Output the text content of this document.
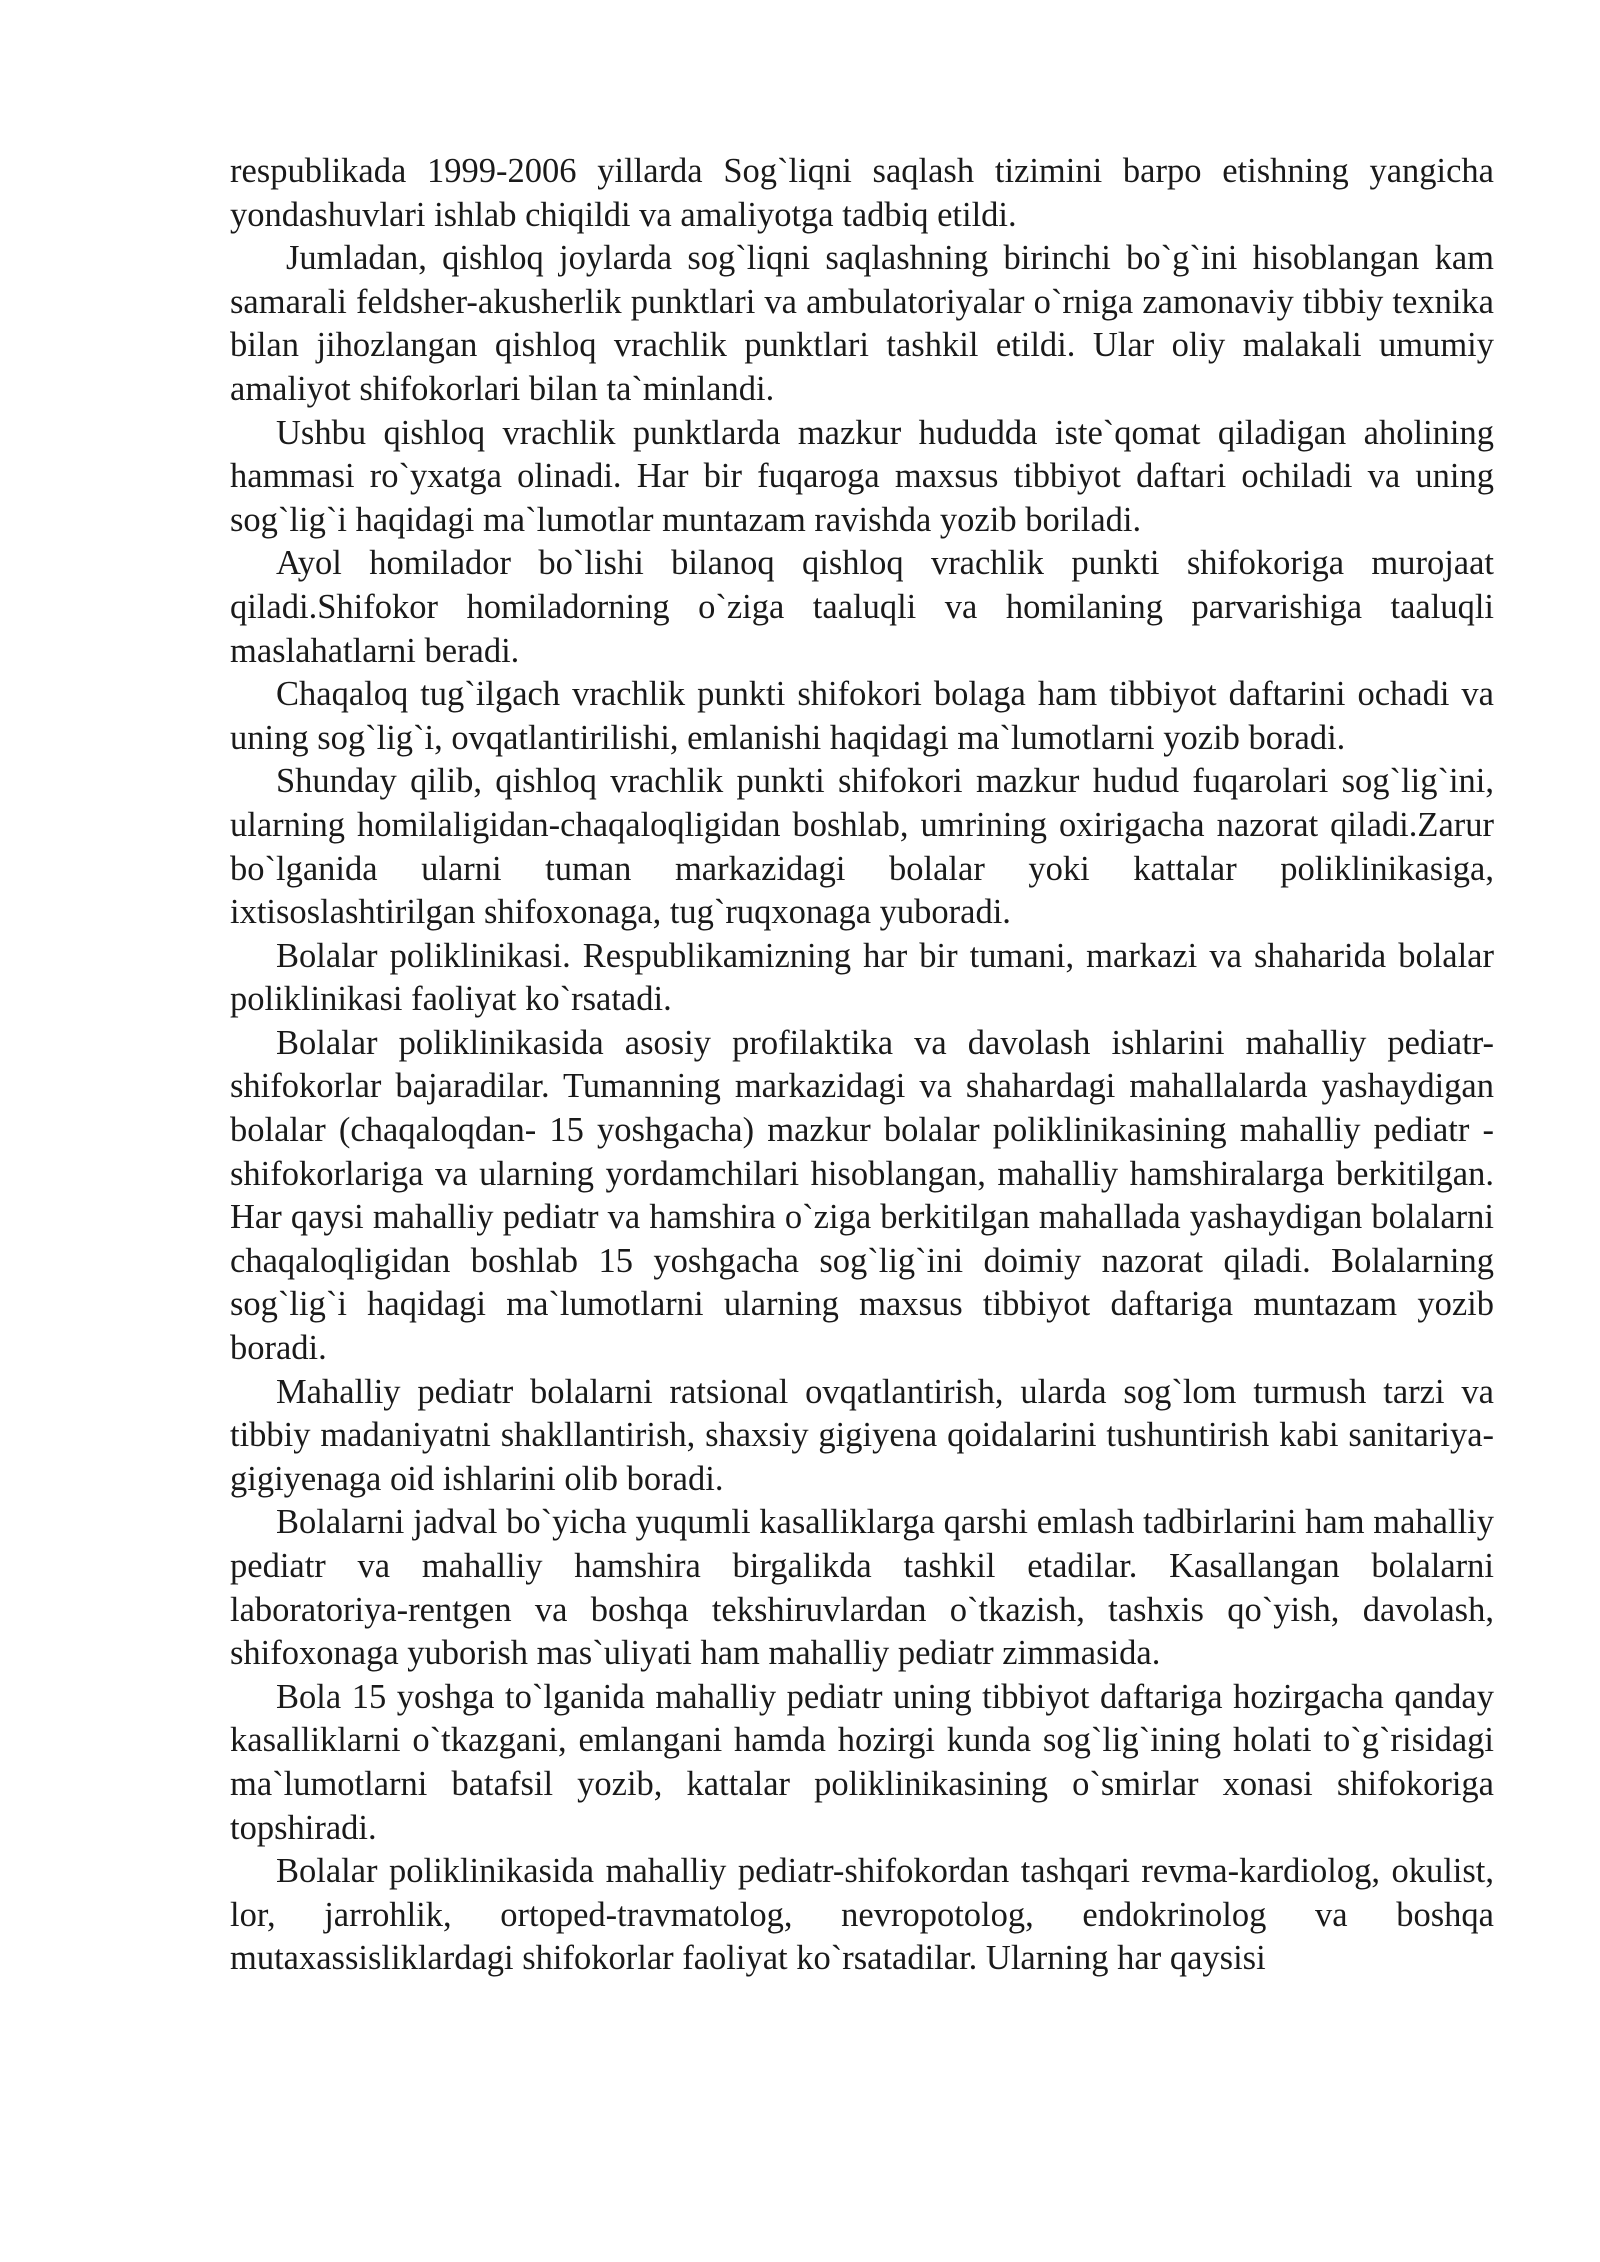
respublikada 1999-2006 yillarda Sog`liqni saqlash tizimini barpo etishning yangicha yondashuvlari ishlab chiqildi va amaliyotga tadbiq etildi.

Jumladan, qishloq joylarda sog`liqni saqlashning birinchi bo`g`ini hisoblangan kam samarali feldsher-akusherlik punktlari va ambulatoriyalar o`rniga zamonaviy tibbiy texnika bilan jihozlangan qishloq vrachlik punktlari tashkil etildi. Ular oliy malakali umumiy amaliyot shifokorlari bilan ta`minlandi.

Ushbu qishloq vrachlik punktlarda mazkur hududda iste`qomat qiladigan aholining hammasi ro`yxatga olinadi. Har bir fuqaroga maxsus tibbiyot daftari ochiladi va uning sog`lig`i haqidagi ma`lumotlar muntazam ravishda yozib boriladi.

Ayol homilador bo`lishi bilanoq qishloq vrachlik punkti shifokoriga murojaat qiladi.Shifokor homiladorning o`ziga taaluqli va homilaning parvarishiga taaluqli maslahatlarni beradi.

Chaqaloq tug`ilgach vrachlik punkti shifokori bolaga ham tibbiyot daftarini ochadi va uning sog`lig`i, ovqatlantirilishi, emlanishi haqidagi ma`lumotlarni yozib boradi.

Shunday qilib, qishloq vrachlik punkti shifokori mazkur hudud fuqarolari sog`lig`ini, ularning homilaligidan-chaqaloqligidan boshlab, umrining oxirigacha nazorat qiladi.Zarur bo`lganida ularni tuman markazidagi bolalar yoki kattalar poliklinikasiga, ixtisoslashtirilgan shifoxonaga, tug`ruqxonaga yuboradi.

Bolalar poliklinikasi. Respublikamizning har bir tumani, markazi va shaharida bolalar poliklinikasi faoliyat ko`rsatadi.

Bolalar poliklinikasida asosiy profilaktika va davolash ishlarini mahalliy pediatr-shifokorlar bajaradilar. Tumanning markazidagi va shahardagi mahallalarda yashaydigan bolalar (chaqaloqdan- 15 yoshgacha) mazkur bolalar poliklinikasining mahalliy pediatr - shifokorlariga va ularning yordamchilari hisoblangan, mahalliy hamshiralarga berkitilgan. Har qaysi mahalliy pediatr va hamshira o`ziga berkitilgan mahallada yashaydigan bolalarni chaqaloqligidan boshlab 15 yoshgacha sog`lig`ini doimiy nazorat qiladi. Bolalarning sog`lig`i haqidagi ma`lumotlarni ularning maxsus tibbiyot daftariga muntazam yozib boradi.

Mahalliy pediatr bolalarni ratsional ovqatlantirish, ularda sog`lom turmush tarzi va tibbiy madaniyatni shakllantirish, shaxsiy gigiyena qoidalarini tushuntirish kabi sanitariya-gigiyenaga oid ishlarini olib boradi.

Bolalarni jadval bo`yicha yuqumli kasalliklarga qarshi emlash tadbirlarini ham mahalliy pediatr va mahalliy hamshira birgalikda tashkil etadilar. Kasallangan bolalarni laboratoriya-rentgen va boshqa tekshiruvlardan o`tkazish, tashxis qo`yish, davolash, shifoxonaga yuborish mas`uliyati ham mahalliy pediatr zimmasida.

Bola 15 yoshga to`lganida mahalliy pediatr uning tibbiyot daftariga hozirgacha qanday kasalliklarni o`tkazgani, emlangani hamda hozirgi kunda sog`lig`ining holati to`g`risidagi ma`lumotlarni batafsil yozib, kattalar poliklinikasining o`smirlar xonasi shifokoriga topshiradi.

Bolalar poliklinikasida mahalliy pediatr-shifokordan tashqari revma-kardiolog, okulist, lor, jarrohlik, ortoped-travmatolog, nevropotolog, endokrinolog va boshqa mutaxassisliklardagi shifokorlar faoliyat ko`rsatadilar. Ularning har qaysisi
